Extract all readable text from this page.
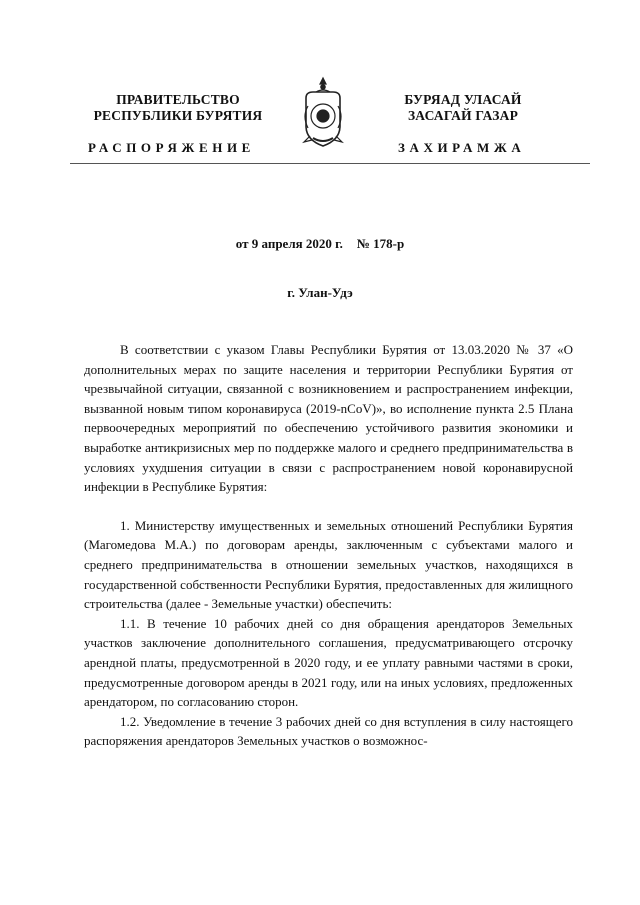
ПРАВИТЕЛЬСТВО
РЕСПУБЛИКИ БУРЯТИЯ
БУРЯАД УЛАСАЙ
ЗАСАГАЙ ГАЗАР
РАСПОРЯЖЕНИЕ	ЗАХИРАМЖА
от 9 апреля 2020 г. № 178-р
г. Улан-Удэ

В соответствии с указом Главы Республики Бурятия от 13.03.2020 № 37 «О дополнительных мерах по защите населения и территории Республики Бурятия от чрезвычайной ситуации, связанной с возникновением и распространением инфекции, вызванной новым типом коронавируса (2019-nCoV)», во исполнение пункта 2.5 Плана первоочередных мероприятий по обеспечению устойчивого развития экономики и выработке антикризисных мер по поддержке малого и среднего предпринимательства в условиях ухудшения ситуации в связи с распространением новой коронавирусной инфекции в Республике Бурятия:

1. Министерству имущественных и земельных отношений Республики Бурятия (Магомедова М.А.) по договорам аренды, заключенным с субъектами малого и среднего предпринимательства в отношении земельных участков, находящихся в государственной собственности Республики Бурятия, предоставленных для жилищного строительства (далее - Земельные участки) обеспечить:

1.1. В течение 10 рабочих дней со дня обращения арендаторов Земельных участков заключение дополнительного соглашения, предусматривающего отсрочку арендной платы, предусмотренной в 2020 году, и ее уплату равными частями в сроки, предусмотренные договором аренды в 2021 году, или на иных условиях, предложенных арендатором, по согласованию сторон.

1.2. Уведомление в течение 3 рабочих дней со дня вступления в силу настоящего распоряжения арендаторов Земельных участков о возможнос-
